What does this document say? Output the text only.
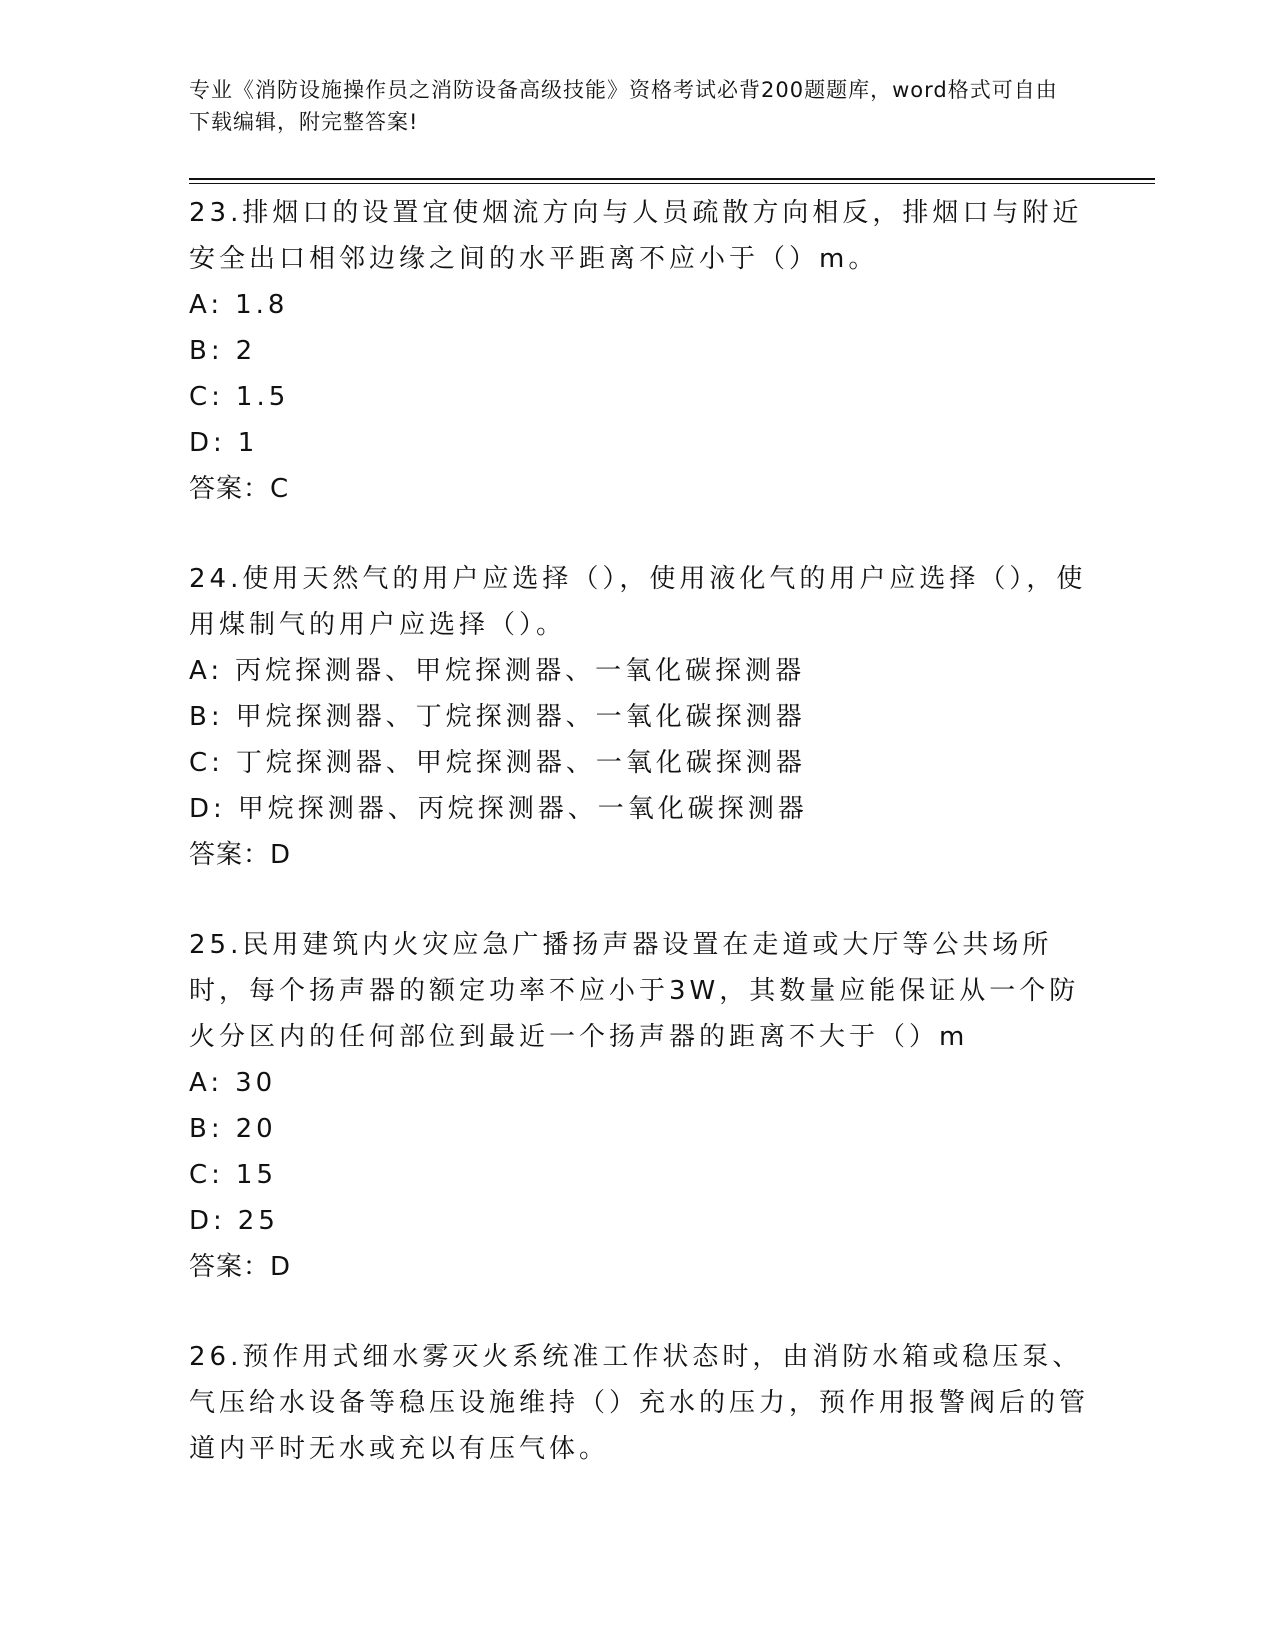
专业《消防设施操作员之消防设备高级技能》资格考试必背200题题库，word格式可自由下载编辑，附完整答案!
23.排烟口的设置宜使烟流方向与人员疏散方向相反，排烟口与附近安全出口相邻边缘之间的水平距离不应小于（）m。
A: 1.8
B: 2
C: 1.5
D: 1
答案：C
24.使用天然气的用户应选择（），使用液化气的用户应选择（），使用煤制气的用户应选择（）。
A: 丙烷探测器、甲烷探测器、一氧化碳探测器
B: 甲烷探测器、丁烷探测器、一氧化碳探测器
C: 丁烷探测器、甲烷探测器、一氧化碳探测器
D: 甲烷探测器、丙烷探测器、一氧化碳探测器
答案：D
25.民用建筑内火灾应急广播扬声器设置在走道或大厅等公共场所时，每个扬声器的额定功率不应小于3W，其数量应能保证从一个防火分区内的任何部位到最近一个扬声器的距离不大于（）m
A: 30
B: 20
C: 15
D: 25
答案：D
26.预作用式细水雾灭火系统准工作状态时，由消防水箱或稳压泵、气压给水设备等稳压设施维持（）充水的压力，预作用报警阀后的管道内平时无水或充以有压气体。
